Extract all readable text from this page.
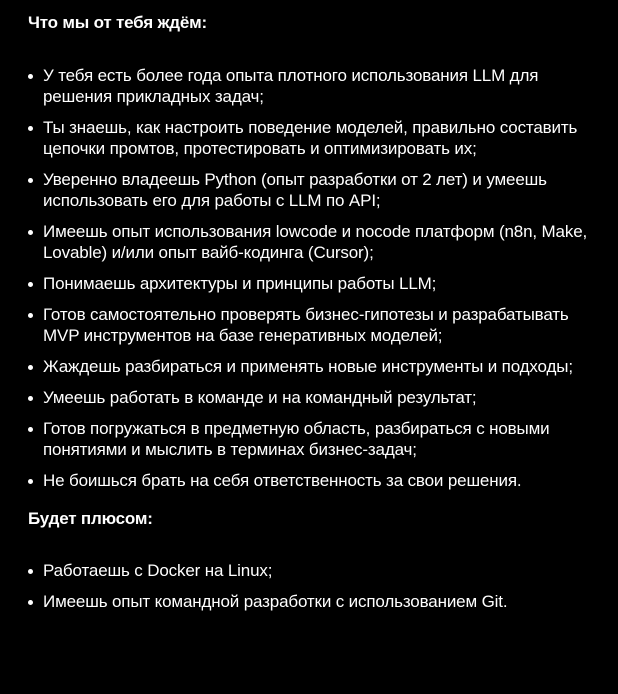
Что мы от тебя ждём:
У тебя есть более года опыта плотного использования LLM для решения прикладных задач;
Ты знаешь, как настроить поведение моделей, правильно составить цепочки промтов, протестировать и оптимизировать их;
Уверенно владеешь Python (опыт разработки от 2 лет) и умеешь использовать его для работы с LLM по API;
Имеешь опыт использования lowcode и nocode платформ (n8n, Make, Lovable) и/или опыт вайб-кодинга (Cursor);
Понимаешь архитектуры и принципы работы LLM;
Готов самостоятельно проверять бизнес-гипотезы и разрабатывать MVP инструментов на базе генеративных моделей;
Жаждешь разбираться и применять новые инструменты и подходы;
Умеешь работать в команде и на командный результат;
Готов погружаться в предметную область, разбираться с новыми понятиями и мыслить в терминах бизнес-задач;
Не боишься брать на себя ответственность за свои решения.
Будет плюсом:
Работаешь с Docker на Linux;
Имеешь опыт командной разработки с использованием Git.
